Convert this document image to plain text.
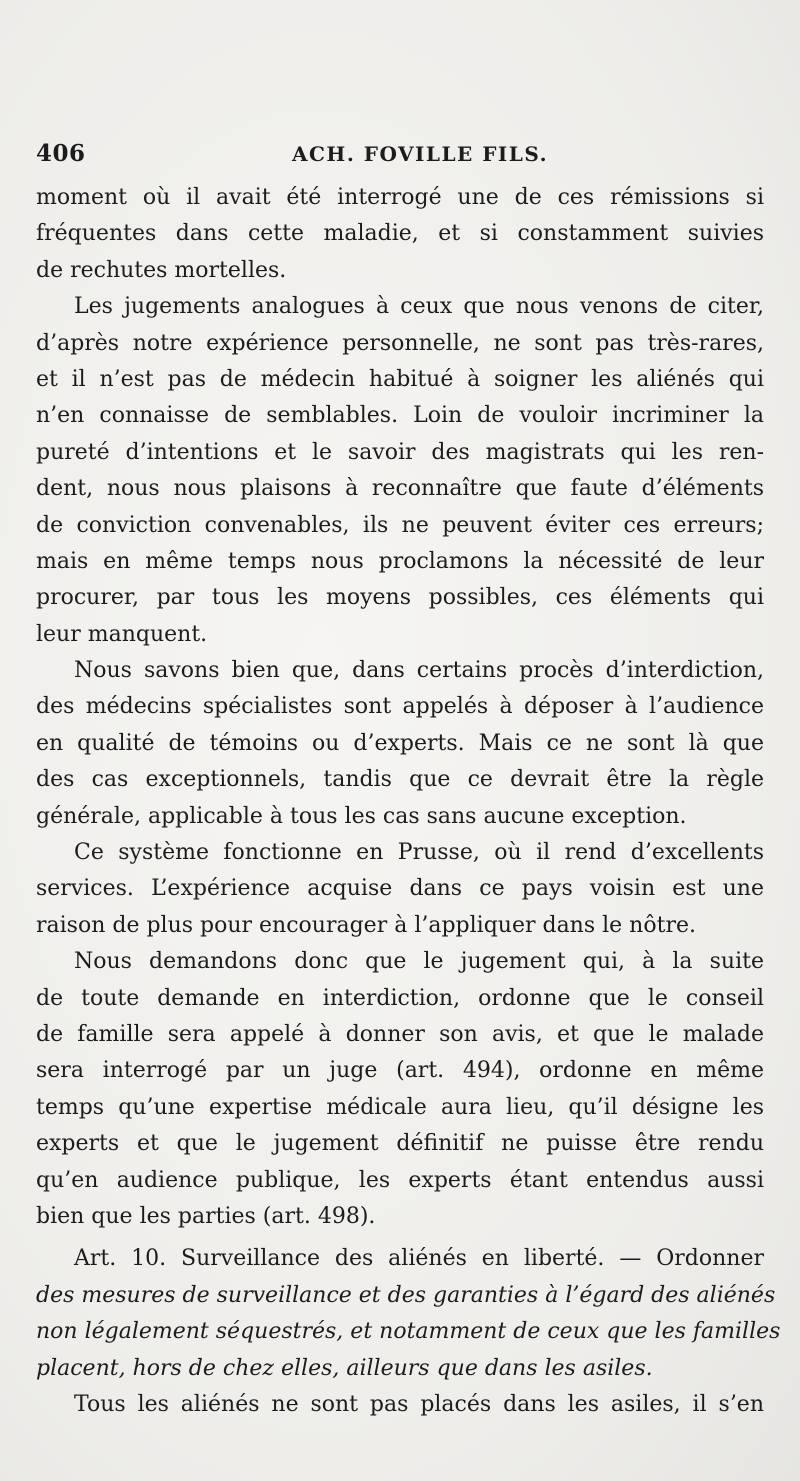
406	ACH. FOVILLE FILS.
moment où il avait été interrogé une de ces rémissions si
fréquentes dans cette maladie, et si constamment suivies
de rechutes mortelles.
Les jugements analogues à ceux que nous venons de citer,
d’après notre expérience personnelle, ne sont pas très-rares,
et il n’est pas de médecin habitué à soigner les aliénés qui
n’en connaisse de semblables. Loin de vouloir incriminer la
pureté d’intentions et le savoir des magistrats qui les ren-
dent, nous nous plaisons à reconnaître que faute d’éléments
de conviction convenables, ils ne peuvent éviter ces erreurs;
mais en même temps nous proclamons la nécessité de leur
procurer, par tous les moyens possibles, ces éléments qui
leur manquent.
Nous savons bien que, dans certains procès d’interdiction,
des médecins spécialistes sont appelés à déposer à l’audience
en qualité de témoins ou d’experts. Mais ce ne sont là que
des cas exceptionnels, tandis que ce devrait être la règle
générale, applicable à tous les cas sans aucune exception.
Ce système fonctionne en Prusse, où il rend d’excellents
services. L’expérience acquise dans ce pays voisin est une
raison de plus pour encourager à l’appliquer dans le nôtre.
Nous demandons donc que le jugement qui, à la suite
de toute demande en interdiction, ordonne que le conseil
de famille sera appelé à donner son avis, et que le malade
sera interrogé par un juge (art. 494), ordonne en même
temps qu’une expertise médicale aura lieu, qu’il désigne les
experts et que le jugement définitif ne puisse être rendu
qu’en audience publique, les experts étant entendus aussi
bien que les parties (art. 498).
Art. 10. Surveillance des aliénés en liberté. — Ordonner
des mesures de surveillance et des garanties à l’égard des aliénés
non légalement séquestrés, et notamment de ceux que les familles
placent, hors de chez elles, ailleurs que dans les asiles.
Tous les aliénés ne sont pas placés dans les asiles, il s’en
